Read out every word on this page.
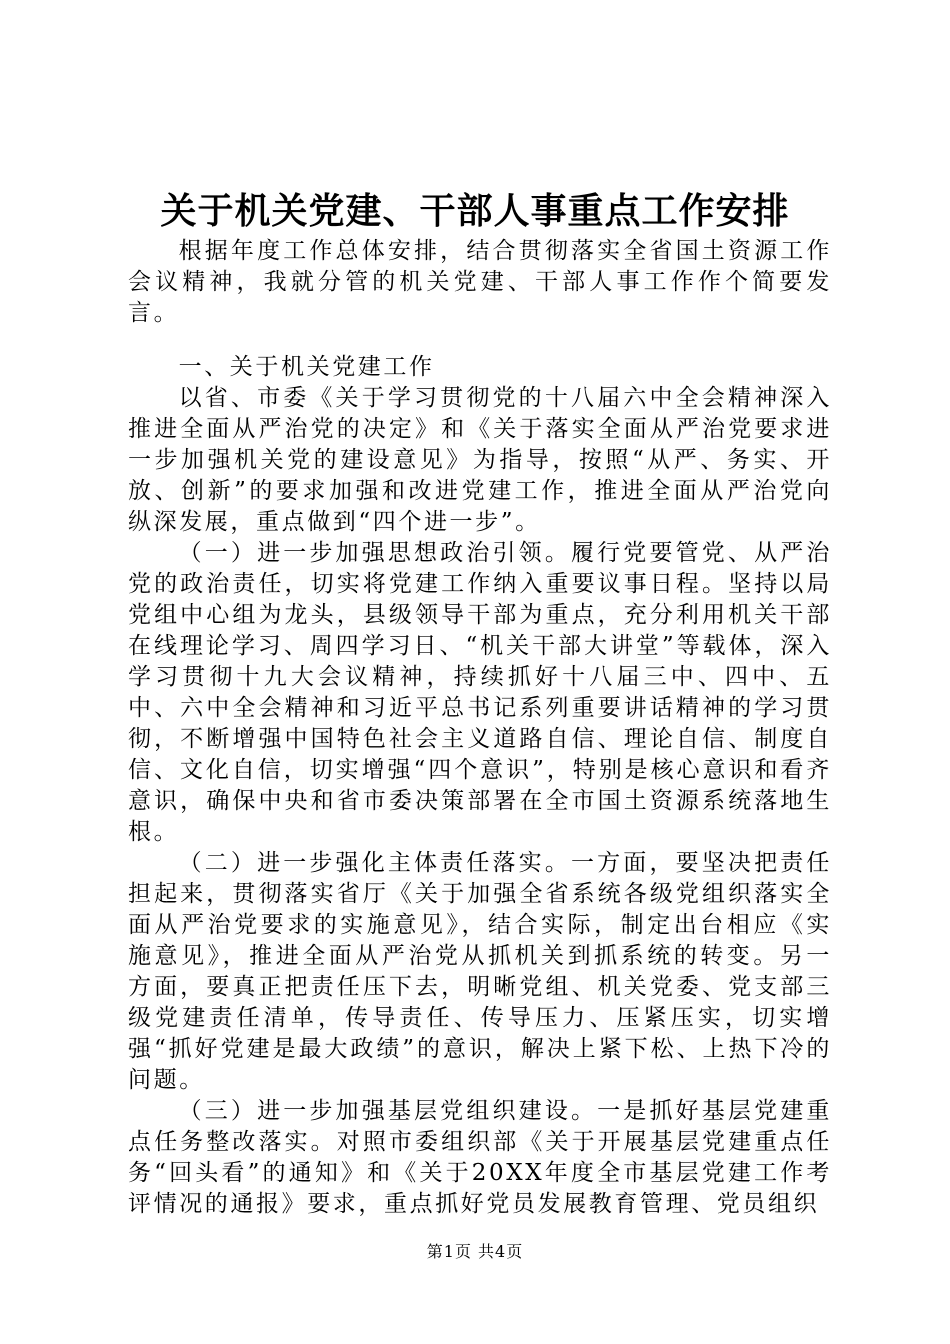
关于机关党建、干部人事重点工作安排

根据年度工作总体安排，结合贯彻落实全省国土资源工作会议精神，我就分管的机关党建、干部人事工作作个简要发言。

一、关于机关党建工作

以省、市委《关于学习贯彻党的十八届六中全会精神深入推进全面从严治党的决定》和《关于落实全面从严治党要求进一步加强机关党的建设意见》为指导，按照“从严、务实、开放、创新”的要求加强和改进党建工作，推进全面从严治党向纵深发展，重点做到“四个进一步”。

（一）进一步加强思想政治引领。履行党要管党、从严治党的政治责任，切实将党建工作纳入重要议事日程。坚持以局党组中心组为龙头，县级领导干部为重点，充分利用机关干部在线理论学习、周四学习日、“机关干部大讲堂”等载体，深入学习贯彻十九大会议精神，持续抓好十八届三中、四中、五中、六中全会精神和习近平总书记系列重要讲话精神的学习贯彻，不断增强中国特色社会主义道路自信、理论自信、制度自信、文化自信，切实增强“四个意识”，特别是核心意识和看齐意识，确保中央和省市委决策部署在全市国土资源系统落地生根。

（二）进一步强化主体责任落实。一方面，要坚决把责任担起来，贯彻落实省厅《关于加强全省系统各级党组织落实全面从严治党要求的实施意见》，结合实际，制定出台相应《实施意见》，推进全面从严治党从抓机关到抓系统的转变。另一方面，要真正把责任压下去，明晰党组、机关党委、党支部三级党建责任清单，传导责任、传导压力、压紧压实，切实增强“抓好党建是最大政绩”的意识，解决上紧下松、上热下冷的问题。

（三）进一步加强基层党组织建设。一是抓好基层党建重点任务整改落实。对照市委组织部《关于开展基层党建重点任务“回头看”的通知》和《关于20XX年度全市基层党建工作考评情况的通报》要求，重点抓好党员发展教育管理、党员组织

第1页 共4页
